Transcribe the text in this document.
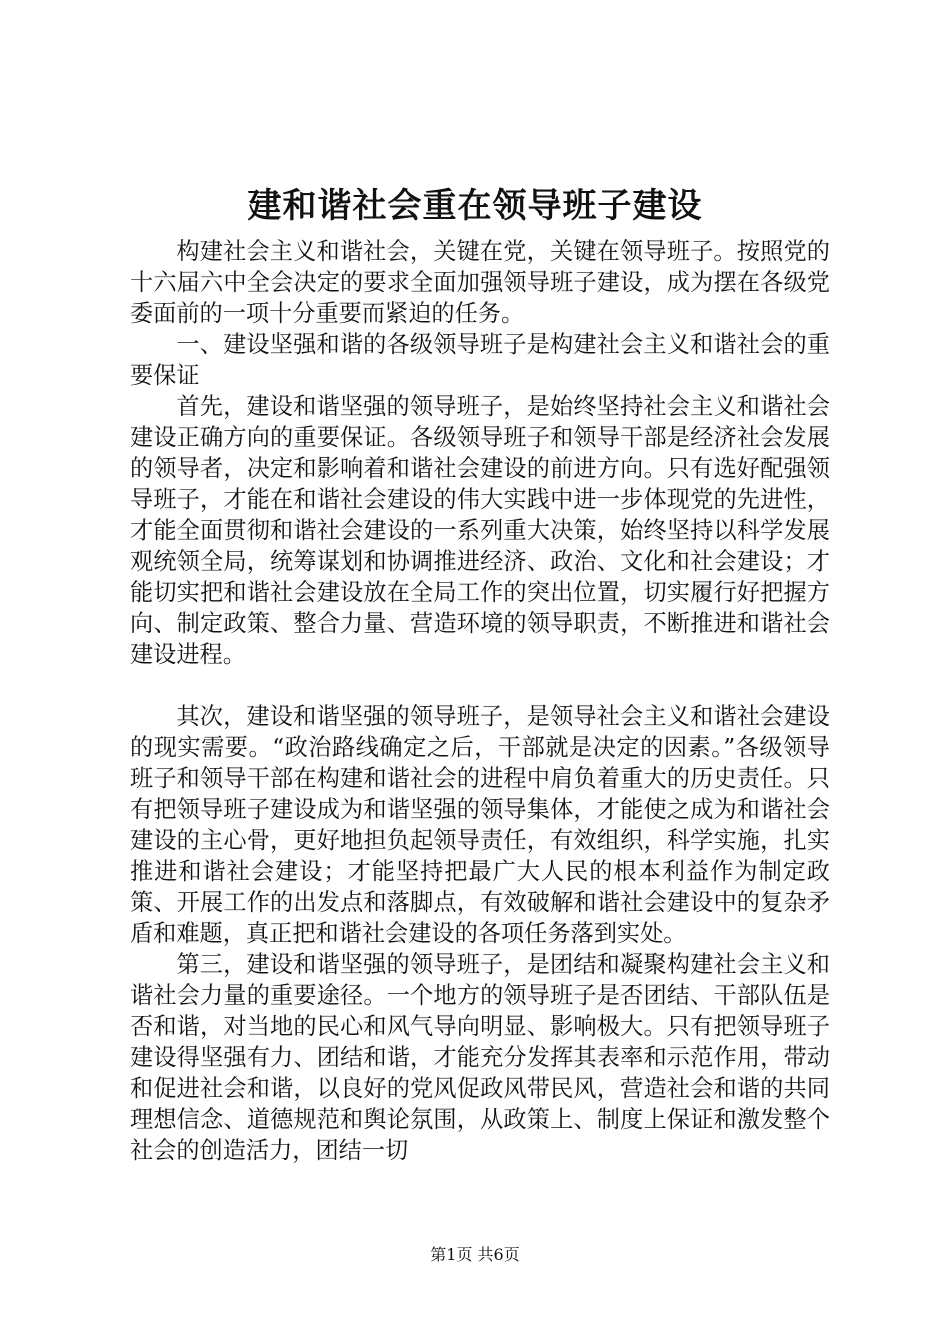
建和谐社会重在领导班子建设

构建社会主义和谐社会，关键在党，关键在领导班子。按照党的十六届六中全会决定的要求全面加强领导班子建设，成为摆在各级党委面前的一项十分重要而紧迫的任务。

一、建设坚强和谐的各级领导班子是构建社会主义和谐社会的重要保证

首先，建设和谐坚强的领导班子，是始终坚持社会主义和谐社会建设正确方向的重要保证。各级领导班子和领导干部是经济社会发展的领导者，决定和影响着和谐社会建设的前进方向。只有选好配强领导班子，才能在和谐社会建设的伟大实践中进一步体现党的先进性，才能全面贯彻和谐社会建设的一系列重大决策，始终坚持以科学发展观统领全局，统筹谋划和协调推进经济、政治、文化和社会建设；才能切实把和谐社会建设放在全局工作的突出位置，切实履行好把握方向、制定政策、整合力量、营造环境的领导职责，不断推进和谐社会建设进程。

其次，建设和谐坚强的领导班子，是领导社会主义和谐社会建设的现实需要。“政治路线确定之后，干部就是决定的因素。”各级领导班子和领导干部在构建和谐社会的进程中肩负着重大的历史责任。只有把领导班子建设成为和谐坚强的领导集体，才能使之成为和谐社会建设的主心骨，更好地担负起领导责任，有效组织，科学实施，扎实推进和谐社会建设；才能坚持把最广大人民的根本利益作为制定政策、开展工作的出发点和落脚点，有效破解和谐社会建设中的复杂矛盾和难题，真正把和谐社会建设的各项任务落到实处。

第三，建设和谐坚强的领导班子，是团结和凝聚构建社会主义和谐社会力量的重要途径。一个地方的领导班子是否团结、干部队伍是否和谐，对当地的民心和风气导向明显、影响极大。只有把领导班子建设得坚强有力、团结和谐，才能充分发挥其表率和示范作用，带动和促进社会和谐，以良好的党风促政风带民风，营造社会和谐的共同理想信念、道德规范和舆论氛围，从政策上、制度上保证和激发整个社会的创造活力，团结一切

第1页 共6页
